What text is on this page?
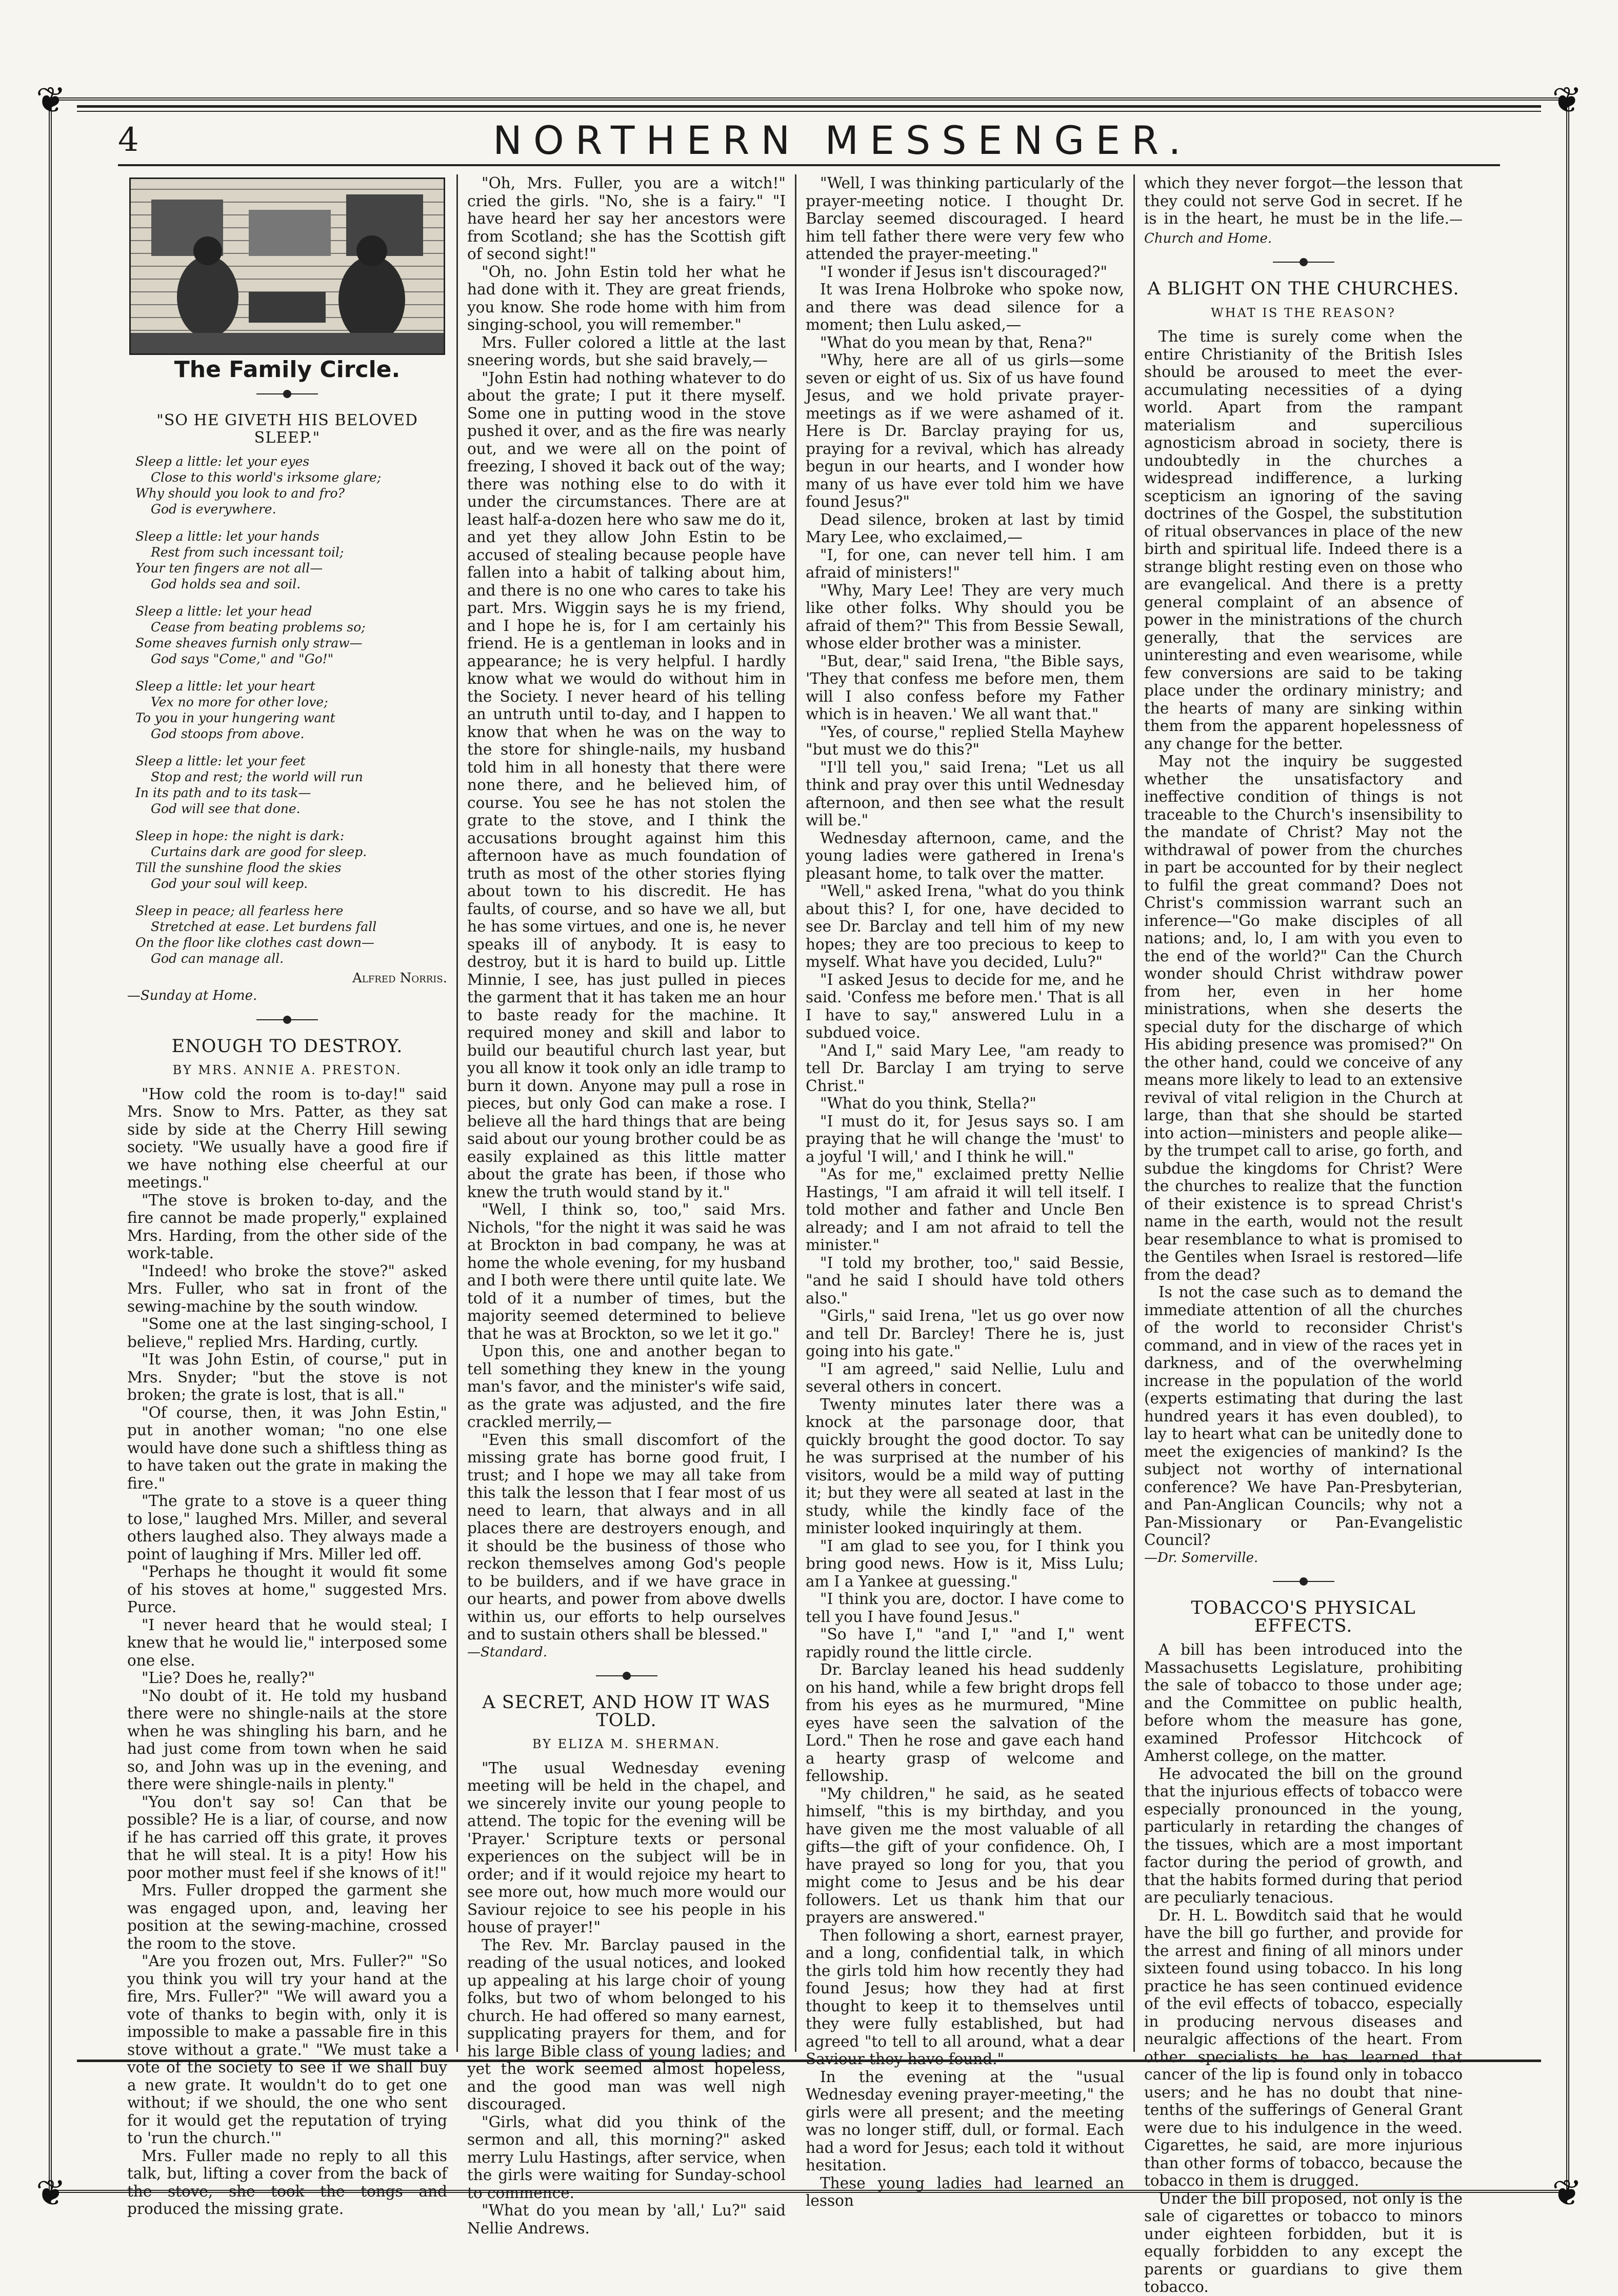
❦	❦
❦	❦
4	NORTHERN MESSENGER.
The Family Circle.
"SO HE GIVETH HIS BELOVED SLEEP."
Sleep a little: let your eyes
Close to this world's irksome glare;
Why should you look to and fro?
God is everywhere.
Sleep a little: let your hands
Rest from such incessant toil;
Your ten fingers are not all—
God holds sea and soil.
Sleep a little: let your head
Cease from beating problems so;
Some sheaves furnish only straw—
God says "Come," and "Go!"
Sleep a little: let your heart
Vex no more for other love;
To you in your hungering want
God stoops from above.
Sleep a little: let your feet
Stop and rest; the world will run
In its path and to its task—
God will see that done.
Sleep in hope: the night is dark:
Curtains dark are good for sleep.
Till the sunshine flood the skies
God your soul will keep.
Sleep in peace; all fearless here
Stretched at ease. Let burdens fall
On the floor like clothes cast down—
God can manage all.
Alfred Norris.
—Sunday at Home.
ENOUGH TO DESTROY.
BY MRS. ANNIE A. PRESTON.

"How cold the room is to-day!" said Mrs. Snow to Mrs. Patter, as they sat side by side at the Cherry Hill sewing society. "We usually have a good fire if we have nothing else cheerful at our meetings."

"The stove is broken to-day, and the fire cannot be made properly," explained Mrs. Harding, from the other side of the work-table.

"Indeed! who broke the stove?" asked Mrs. Fuller, who sat in front of the sewing-machine by the south window.

"Some one at the last singing-school, I believe," replied Mrs. Harding, curtly.

"It was John Estin, of course," put in Mrs. Snyder; "but the stove is not broken; the grate is lost, that is all."

"Of course, then, it was John Estin," put in another woman; "no one else would have done such a shiftless thing as to have taken out the grate in making the fire."

"The grate to a stove is a queer thing to lose," laughed Mrs. Miller, and several others laughed also. They always made a point of laughing if Mrs. Miller led off.

"Perhaps he thought it would fit some of his stoves at home," suggested Mrs. Purce.

"I never heard that he would steal; I knew that he would lie," interposed some one else.

"Lie? Does he, really?"

"No doubt of it. He told my husband there were no shingle-nails at the store when he was shingling his barn, and he had just come from town when he said so, and John was up in the evening, and there were shingle-nails in plenty."

"You don't say so! Can that be possible? He is a liar, of course, and now if he has carried off this grate, it proves that he will steal. It is a pity! How his poor mother must feel if she knows of it!"

Mrs. Fuller dropped the garment she was engaged upon, and, leaving her position at the sewing-machine, crossed the room to the stove.

"Are you frozen out, Mrs. Fuller?" "So you think you will try your hand at the fire, Mrs. Fuller?" "We will award you a vote of thanks to begin with, only it is impossible to make a passable fire in this stove without a grate." "We must take a vote of the society to see if we shall buy a new grate. It wouldn't do to get one without; if we should, the one who sent for it would get the reputation of trying to 'run the church.'"

Mrs. Fuller made no reply to all this talk, but, lifting a cover from the back of the stove, she took the tongs and produced the missing grate.

"Oh, Mrs. Fuller, you are a witch!" cried the girls. "No, she is a fairy." "I have heard her say her ancestors were from Scotland; she has the Scottish gift of second sight!"

"Oh, no. John Estin told her what he had done with it. They are great friends, you know. She rode home with him from singing-school, you will remember."

Mrs. Fuller colored a little at the last sneering words, but she said bravely,—

"John Estin had nothing whatever to do about the grate; I put it there myself. Some one in putting wood in the stove pushed it over, and as the fire was nearly out, and we were all on the point of freezing, I shoved it back out of the way; there was nothing else to do with it under the circumstances. There are at least half-a-dozen here who saw me do it, and yet they allow John Estin to be accused of stealing because people have fallen into a habit of talking about him, and there is no one who cares to take his part. Mrs. Wiggin says he is my friend, and I hope he is, for I am certainly his friend. He is a gentleman in looks and in appearance; he is very helpful. I hardly know what we would do without him in the Society. I never heard of his telling an untruth until to-day, and I happen to know that when he was on the way to the store for shingle-nails, my husband told him in all honesty that there were none there, and he believed him, of course. You see he has not stolen the grate to the stove, and I think the accusations brought against him this afternoon have as much foundation of truth as most of the other stories flying about town to his discredit. He has faults, of course, and so have we all, but he has some virtues, and one is, he never speaks ill of anybody. It is easy to destroy, but it is hard to build up. Little Minnie, I see, has just pulled in pieces the garment that it has taken me an hour to baste ready for the machine. It required money and skill and labor to build our beautiful church last year, but you all know it took only an idle tramp to burn it down. Anyone may pull a rose in pieces, but only God can make a rose. I believe all the hard things that are being said about our young brother could be as easily explained as this little matter about the grate has been, if those who knew the truth would stand by it."

"Well, I think so, too," said Mrs. Nichols, "for the night it was said he was at Brockton in bad company, he was at home the whole evening, for my husband and I both were there until quite late. We told of it a number of times, but the majority seemed determined to believe that he was at Brockton, so we let it go."

Upon this, one and another began to tell something they knew in the young man's favor, and the minister's wife said, as the grate was adjusted, and the fire crackled merrily,—

"Even this small discomfort of the missing grate has borne good fruit, I trust; and I hope we may all take from this talk the lesson that I fear most of us need to learn, that always and in all places there are destroyers enough, and it should be the business of those who reckon themselves among God's people to be builders, and if we have grace in our hearts, and power from above dwells within us, our efforts to help ourselves and to sustain others shall be blessed."

—Standard.
A SECRET, AND HOW IT WAS TOLD.
BY ELIZA M. SHERMAN.

"The usual Wednesday evening meeting will be held in the chapel, and we sincerely invite our young people to attend. The topic for the evening will be 'Prayer.' Scripture texts or personal experiences on the subject will be in order; and if it would rejoice my heart to see more out, how much more would our Saviour rejoice to see his people in his house of prayer!"

The Rev. Mr. Barclay paused in the reading of the usual notices, and looked up appealing at his large choir of young folks, but two of whom belonged to his church. He had offered so many earnest, supplicating prayers for them, and for his large Bible class of young ladies; and yet the work seemed almost hopeless, and the good man was well nigh discouraged.

"Girls, what did you think of the sermon and all, this morning?" asked merry Lulu Hastings, after service, when the girls were waiting for Sunday-school to commence.

"What do you mean by 'all,' Lu?" said Nellie Andrews.

"Well, I was thinking particularly of the prayer-meeting notice. I thought Dr. Barclay seemed discouraged. I heard him tell father there were very few who attended the prayer-meeting."

"I wonder if Jesus isn't discouraged?"

It was Irena Holbroke who spoke now, and there was dead silence for a moment; then Lulu asked,—

"What do you mean by that, Rena?"

"Why, here are all of us girls—some seven or eight of us. Six of us have found Jesus, and we hold private prayer-meetings as if we were ashamed of it. Here is Dr. Barclay praying for us, praying for a revival, which has already begun in our hearts, and I wonder how many of us have ever told him we have found Jesus?"

Dead silence, broken at last by timid Mary Lee, who exclaimed,—

"I, for one, can never tell him. I am afraid of ministers!"

"Why, Mary Lee! They are very much like other folks. Why should you be afraid of them?" This from Bessie Sewall, whose elder brother was a minister.

"But, dear," said Irena, "the Bible says, 'They that confess me before men, them will I also confess before my Father which is in heaven.' We all want that."

"Yes, of course," replied Stella Mayhew "but must we do this?"

"I'll tell you," said Irena; "Let us all think and pray over this until Wednesday afternoon, and then see what the result will be."

Wednesday afternoon, came, and the young ladies were gathered in Irena's pleasant home, to talk over the matter.

"Well," asked Irena, "what do you think about this? I, for one, have decided to see Dr. Barclay and tell him of my new hopes; they are too precious to keep to myself. What have you decided, Lulu?"

"I asked Jesus to decide for me, and he said. 'Confess me before men.' That is all I have to say," answered Lulu in a subdued voice.

"And I," said Mary Lee, "am ready to tell Dr. Barclay I am trying to serve Christ."

"What do you think, Stella?"

"I must do it, for Jesus says so. I am praying that he will change the 'must' to a joyful 'I will,' and I think he will."

"As for me," exclaimed pretty Nellie Hastings, "I am afraid it will tell itself. I told mother and father and Uncle Ben already; and I am not afraid to tell the minister."

"I told my brother, too," said Bessie, "and he said I should have told others also."

"Girls," said Irena, "let us go over now and tell Dr. Barcley! There he is, just going into his gate."

"I am agreed," said Nellie, Lulu and several others in concert.

Twenty minutes later there was a knock at the parsonage door, that quickly brought the good doctor. To say he was surprised at the number of his visitors, would be a mild way of putting it; but they were all seated at last in the study, while the kindly face of the minister looked inquiringly at them.

"I am glad to see you, for I think you bring good news. How is it, Miss Lulu; am I a Yankee at guessing."

"I think you are, doctor. I have come to tell you I have found Jesus."

"So have I," "and I," "and I," went rapidly round the little circle.

Dr. Barclay leaned his head suddenly on his hand, while a few bright drops fell from his eyes as he murmured, "Mine eyes have seen the salvation of the Lord." Then he rose and gave each hand a hearty grasp of welcome and fellowship.

"My children," he said, as he seated himself, "this is my birthday, and you have given me the most valuable of all gifts—the gift of your confidence. Oh, I have prayed so long for you, that you might come to Jesus and be his dear followers. Let us thank him that our prayers are answered."

Then following a short, earnest prayer, and a long, confidential talk, in which the girls told him how recently they had found Jesus; how they had at first thought to keep it to themselves until they were fully established, but had agreed "to tell to all around, what a dear Saviour they have found."

In the evening at the "usual Wednesday evening prayer-meeting," the girls were all present; and the meeting was no longer stiff, dull, or formal. Each had a word for Jesus; each told it without hesitation.

These young ladies had learned an lesson

which they never forgot—the lesson that they could not serve God in secret. If he is in the heart, he must be in the life.—Church and Home.

A BLIGHT ON THE CHURCHES.
WHAT IS THE REASON?

The time is surely come when the entire Christianity of the British Isles should be aroused to meet the ever-accumulating necessities of a dying world. Apart from the rampant materialism and supercilious agnosticism abroad in society, there is undoubtedly in the churches a widespread indifference, a lurking scepticism an ignoring of the saving doctrines of the Gospel, the substitution of ritual observances in place of the new birth and spiritual life. Indeed there is a strange blight resting even on those who are evangelical. And there is a pretty general complaint of an absence of power in the ministrations of the church generally, that the services are uninteresting and even wearisome, while few conversions are said to be taking place under the ordinary ministry; and the hearts of many are sinking within them from the apparent hopelessness of any change for the better.

May not the inquiry be suggested whether the unsatisfactory and ineffective condition of things is not traceable to the Church's insensibility to the mandate of Christ? May not the withdrawal of power from the churches in part be accounted for by their neglect to fulfil the great command? Does not Christ's commission warrant such an inference—"Go make disciples of all nations; and, lo, I am with you even to the end of the world?" Can the Church wonder should Christ withdraw power from her, even in her home ministrations, when she deserts the special duty for the discharge of which His abiding presence was promised?" On the other hand, could we conceive of any means more likely to lead to an extensive revival of vital religion in the Church at large, than that she should be started into action—ministers and people alike—by the trumpet call to arise, go forth, and subdue the kingdoms for Christ? Were the churches to realize that the function of their existence is to spread Christ's name in the earth, would not the result bear resemblance to what is promised to the Gentiles when Israel is restored—life from the dead?

Is not the case such as to demand the immediate attention of all the churches of the world to reconsider Christ's command, and in view of the races yet in darkness, and of the overwhelming increase in the population of the world (experts estimating that during the last hundred years it has even doubled), to lay to heart what can be unitedly done to meet the exigencies of mankind? Is the subject not worthy of international conference? We have Pan-Presbyterian, and Pan-Anglican Councils; why not a Pan-Missionary or Pan-Evangelistic Council?

—Dr. Somerville.
TOBACCO'S PHYSICAL EFFECTS.

A bill has been introduced into the Massachusetts Legislature, prohibiting the sale of tobacco to those under age; and the Committee on public health, before whom the measure has gone, examined Professor Hitchcock of Amherst college, on the matter.

He advocated the bill on the ground that the injurious effects of tobacco were especially pronounced in the young, particularly in retarding the changes of the tissues, which are a most important factor during the period of growth, and that the habits formed during that period are peculiarly tenacious.

Dr. H. L. Bowditch said that he would have the bill go further, and provide for the arrest and fining of all minors under sixteen found using tobacco. In his long practice he has seen continued evidence of the evil effects of tobacco, especially in producing nervous diseases and neuralgic affections of the heart. From other specialists he has learned that cancer of the lip is found only in tobacco users; and he has no doubt that nine-tenths of the sufferings of General Grant were due to his indulgence in the weed. Cigarettes, he said, are more injurious than other forms of tobacco, because the tobacco in them is drugged.

Under the bill proposed, not only is the sale of cigarettes or tobacco to minors under eighteen forbidden, but it is equally forbidden to any except the parents or guardians to give them tobacco.
